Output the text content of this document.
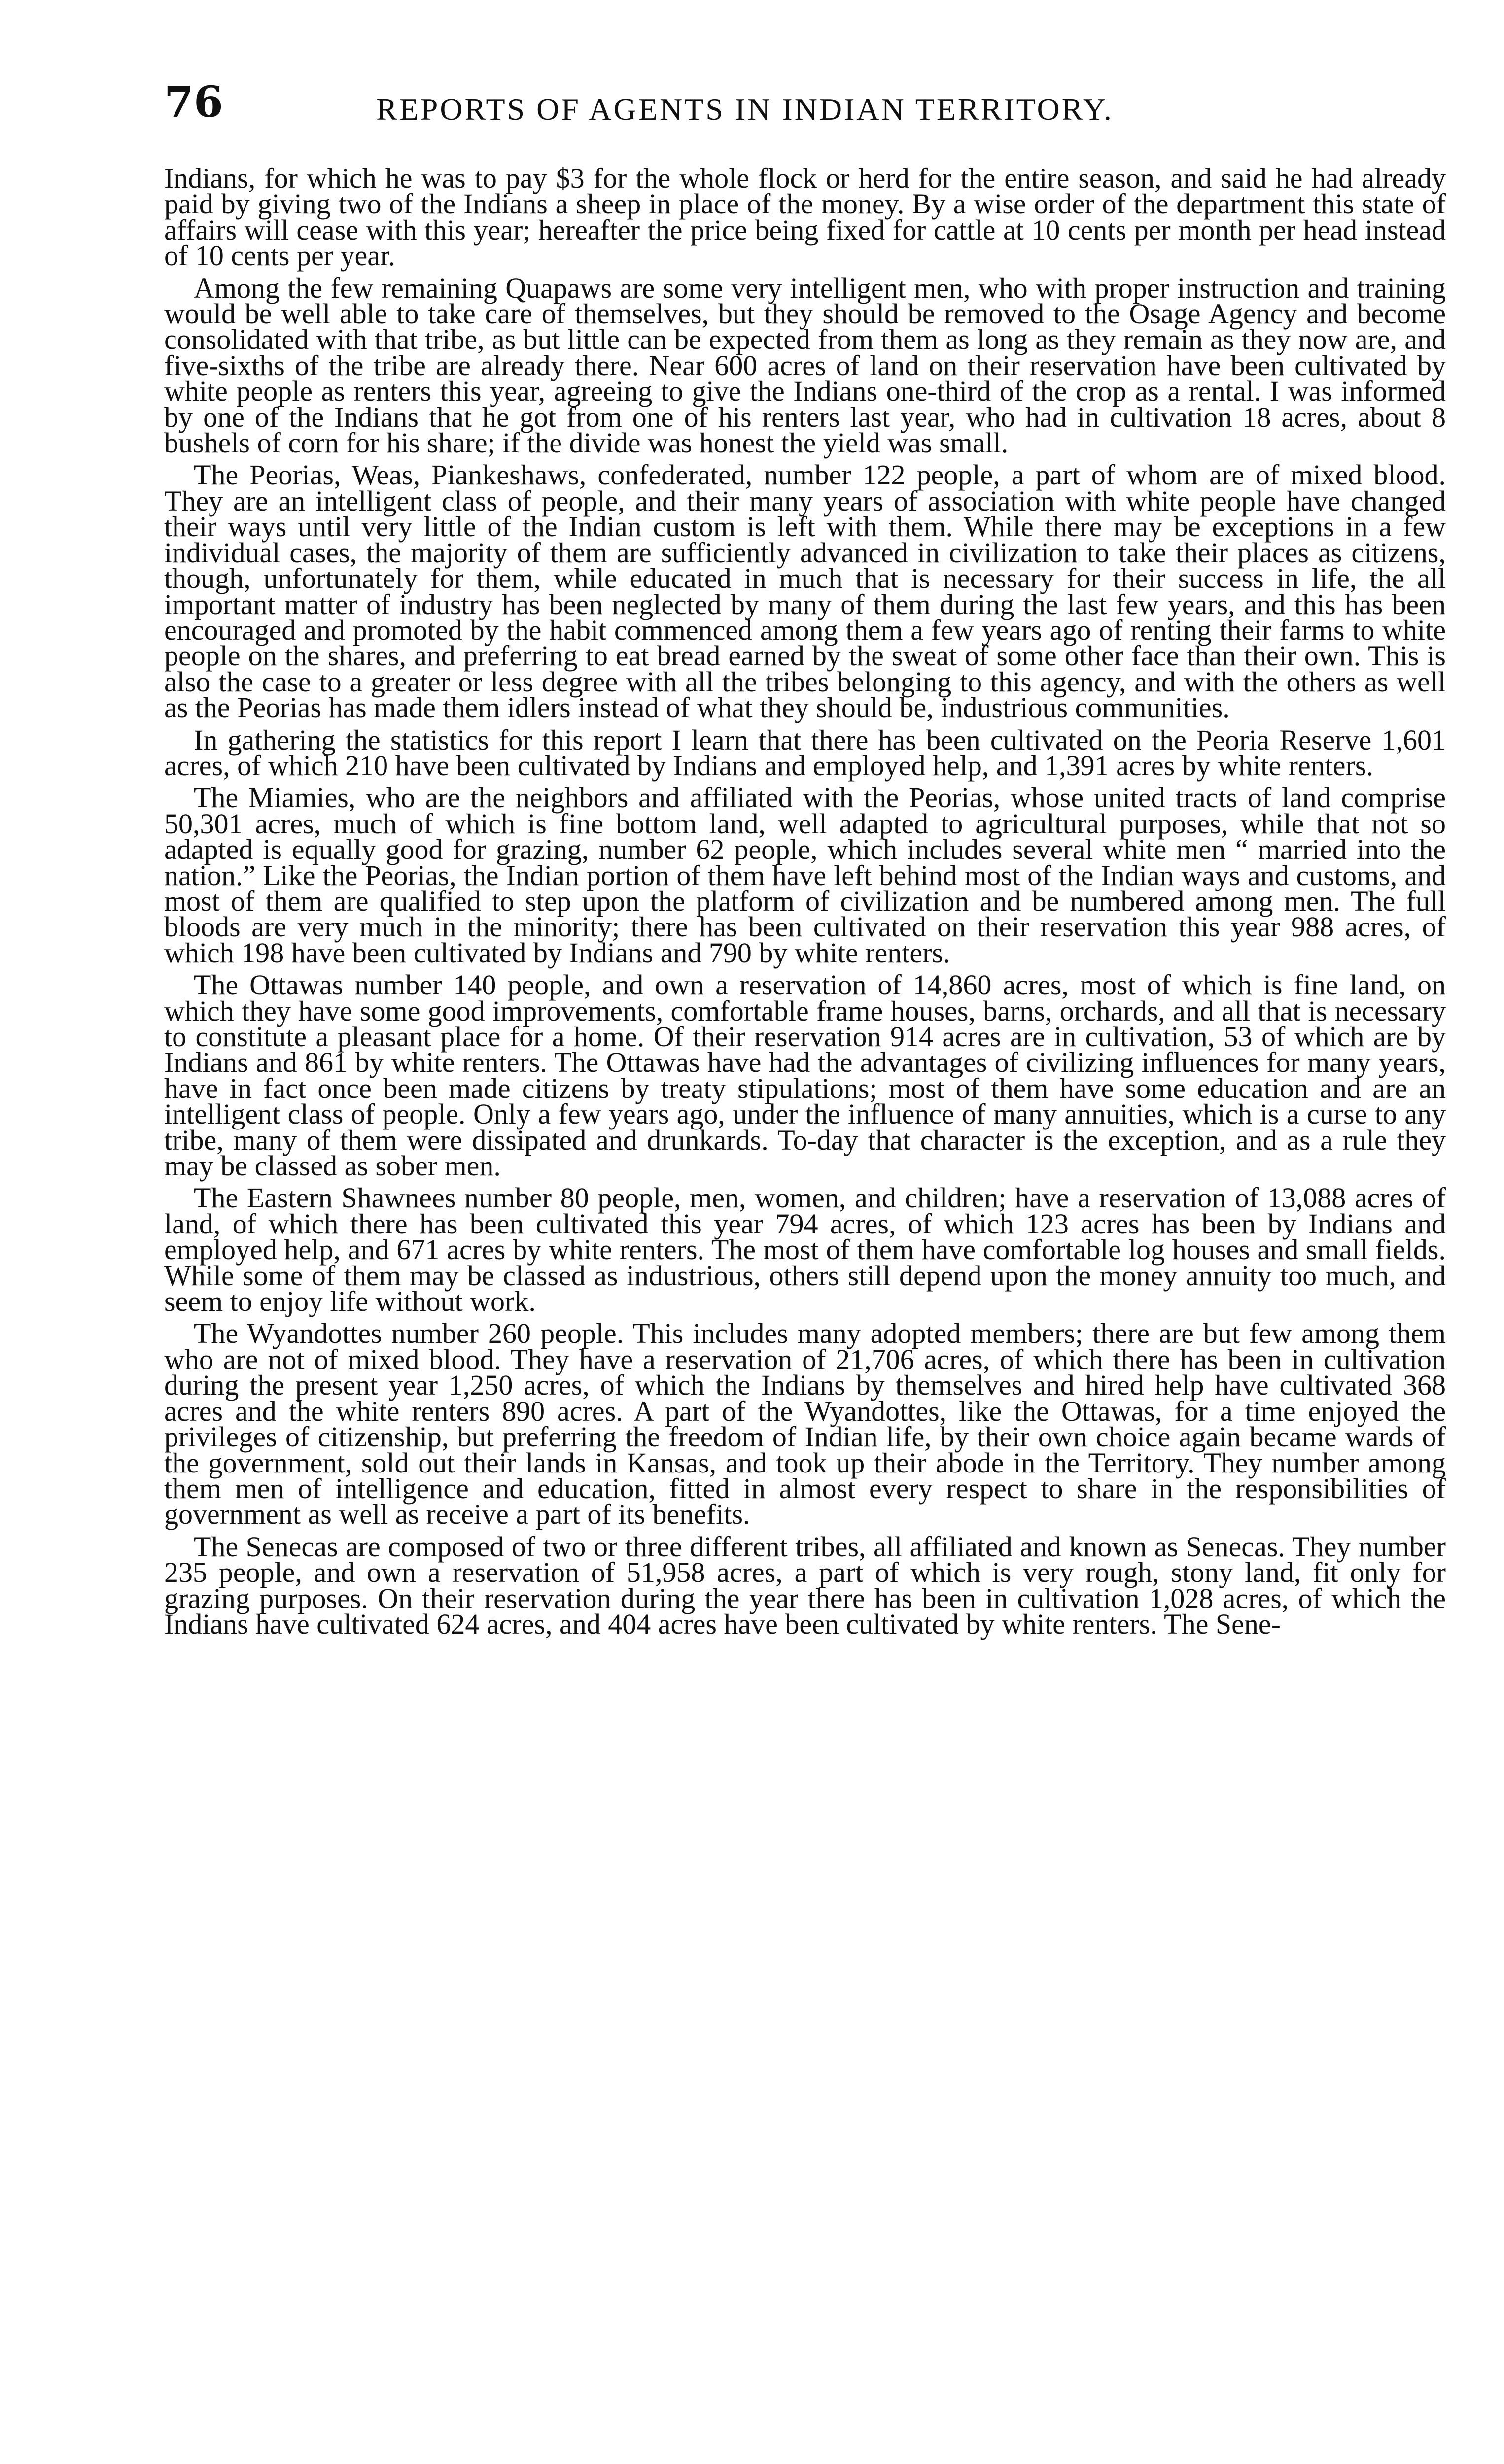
76	REPORTS OF AGENTS IN INDIAN TERRITORY.

Indians, for which he was to pay $3 for the whole flock or herd for the entire season, and said he had already paid by giving two of the Indians a sheep in place of the money. By a wise order of the department this state of affairs will cease with this year; hereafter the price being fixed for cattle at 10 cents per month per head instead of 10 cents per year.

Among the few remaining Quapaws are some very intelligent men, who with proper instruction and training would be well able to take care of themselves, but they should be removed to the Osage Agency and become consolidated with that tribe, as but little can be expected from them as long as they remain as they now are, and five-sixths of the tribe are already there. Near 600 acres of land on their reservation have been cultivated by white people as renters this year, agreeing to give the Indians one-third of the crop as a rental. I was informed by one of the Indians that he got from one of his renters last year, who had in cultivation 18 acres, about 8 bushels of corn for his share; if the divide was honest the yield was small.

The Peorias, Weas, Piankeshaws, confederated, number 122 people, a part of whom are of mixed blood. They are an intelligent class of people, and their many years of association with white people have changed their ways until very little of the Indian custom is left with them. While there may be exceptions in a few individual cases, the majority of them are sufficiently advanced in civilization to take their places as citizens, though, unfortunately for them, while educated in much that is necessary for their success in life, the all important matter of industry has been neglected by many of them during the last few years, and this has been encouraged and promoted by the habit commenced among them a few years ago of renting their farms to white people on the shares, and preferring to eat bread earned by the sweat of some other face than their own. This is also the case to a greater or less degree with all the tribes belonging to this agency, and with the others as well as the Peorias has made them idlers instead of what they should be, industrious communities.

In gathering the statistics for this report I learn that there has been cultivated on the Peoria Reserve 1,601 acres, of which 210 have been cultivated by Indians and employed help, and 1,391 acres by white renters.

The Miamies, who are the neighbors and affiliated with the Peorias, whose united tracts of land comprise 50,301 acres, much of which is fine bottom land, well adapted to agricultural purposes, while that not so adapted is equally good for grazing, number 62 people, which includes several white men “ married into the nation.” Like the Peorias, the Indian portion of them have left behind most of the Indian ways and customs, and most of them are qualified to step upon the platform of civilization and be numbered among men. The full bloods are very much in the minority; there has been cultivated on their reservation this year 988 acres, of which 198 have been cultivated by Indians and 790 by white renters.

The Ottawas number 140 people, and own a reservation of 14,860 acres, most of which is fine land, on which they have some good improvements, comfortable frame houses, barns, orchards, and all that is necessary to constitute a pleasant place for a home. Of their reservation 914 acres are in cultivation, 53 of which are by Indians and 861 by white renters. The Ottawas have had the advantages of civilizing influences for many years, have in fact once been made citizens by treaty stipulations; most of them have some education and are an intelligent class of people. Only a few years ago, under the influence of many annuities, which is a curse to any tribe, many of them were dissipated and drunkards. To-day that character is the exception, and as a rule they may be classed as sober men.

The Eastern Shawnees number 80 people, men, women, and children; have a reservation of 13,088 acres of land, of which there has been cultivated this year 794 acres, of which 123 acres has been by Indians and employed help, and 671 acres by white renters. The most of them have comfortable log houses and small fields. While some of them may be classed as industrious, others still depend upon the money annuity too much, and seem to enjoy life without work.

The Wyandottes number 260 people. This includes many adopted members; there are but few among them who are not of mixed blood. They have a reservation of 21,706 acres, of which there has been in cultivation during the present year 1,250 acres, of which the Indians by themselves and hired help have cultivated 368 acres and the white renters 890 acres. A part of the Wyandottes, like the Ottawas, for a time enjoyed the privileges of citizenship, but preferring the freedom of Indian life, by their own choice again became wards of the government, sold out their lands in Kansas, and took up their abode in the Territory. They number among them men of intelligence and education, fitted in almost every respect to share in the responsibilities of government as well as receive a part of its benefits.

The Senecas are composed of two or three different tribes, all affiliated and known as Senecas. They number 235 people, and own a reservation of 51,958 acres, a part of which is very rough, stony land, fit only for grazing purposes. On their reservation during the year there has been in cultivation 1,028 acres, of which the Indians have cultivated 624 acres, and 404 acres have been cultivated by white renters. The Sene-
